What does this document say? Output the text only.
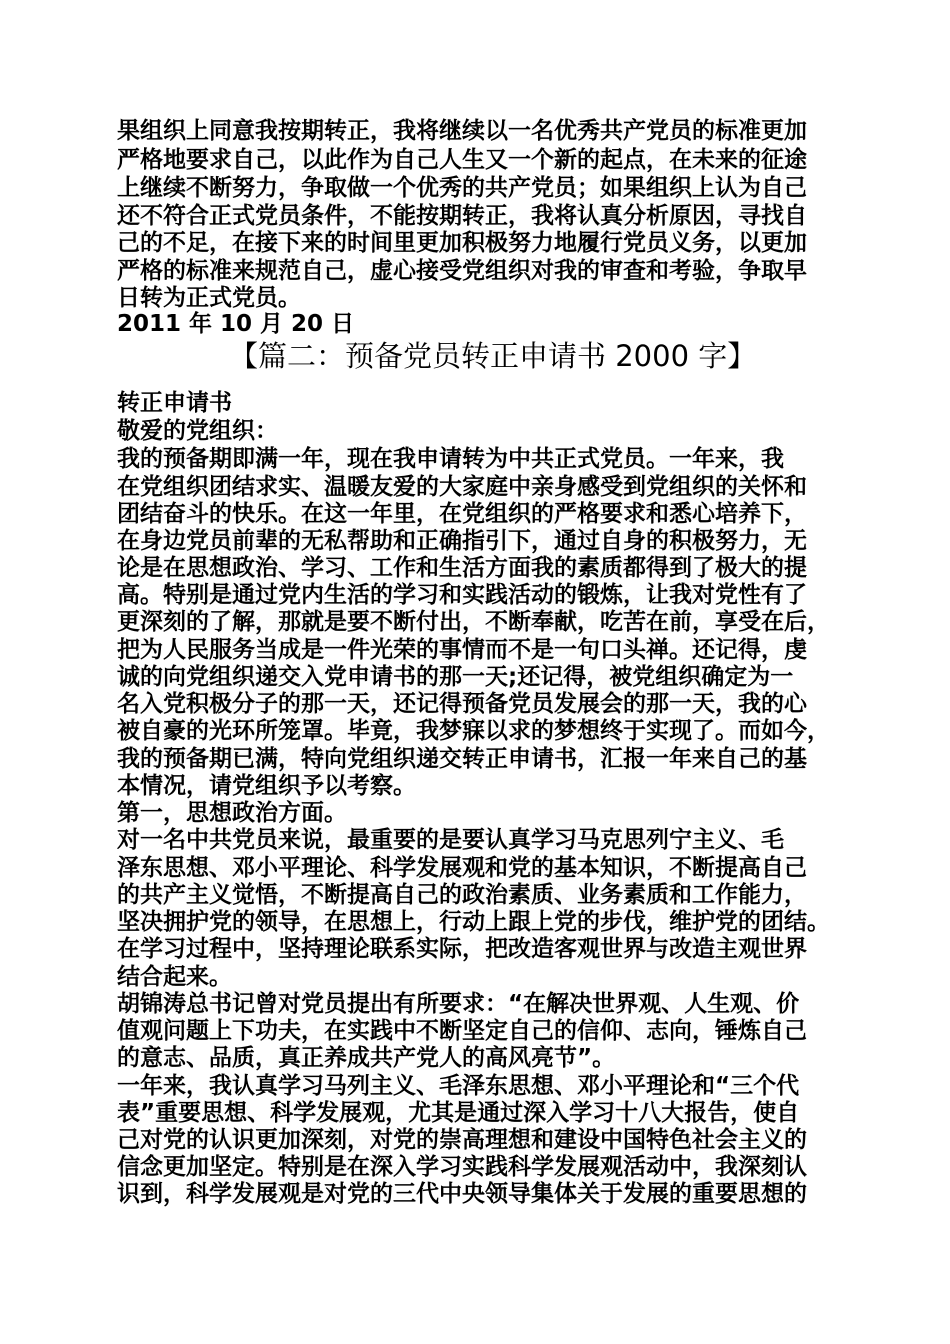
果组织上同意我按期转正，我将继续以一名优秀共产党员的标准更加
严格地要求自己，以此作为自己人生又一个新的起点，在未来的征途
上继续不断努力，争取做一个优秀的共产党员；如果组织上认为自己
还不符合正式党员条件，不能按期转正，我将认真分析原因，寻找自
己的不足，在接下来的时间里更加积极努力地履行党员义务，以更加
严格的标准来规范自己，虚心接受党组织对我的审查和考验，争取早
日转为正式党员。
2011 年 10 月 20 日
【篇二：预备党员转正申请书 2000 字】
转正申请书
敬爱的党组织：
我的预备期即满一年，现在我申请转为中共正式党员。一年来，我
在党组织团结求实、温暖友爱的大家庭中亲身感受到党组织的关怀和
团结奋斗的快乐。在这一年里，在党组织的严格要求和悉心培养下，
在身边党员前辈的无私帮助和正确指引下，通过自身的积极努力，无
论是在思想政治、学习、工作和生活方面我的素质都得到了极大的提
高。特别是通过党内生活的学习和实践活动的锻炼，让我对党性有了
更深刻的了解，那就是要不断付出，不断奉献，吃苦在前，享受在后，
把为人民服务当成是一件光荣的事情而不是一句口头禅。还记得，虔
诚的向党组织递交入党申请书的那一天;还记得，被党组织确定为一
名入党积极分子的那一天，还记得预备党员发展会的那一天，我的心
被自豪的光环所笼罩。毕竟，我梦寐以求的梦想终于实现了。而如今，
我的预备期已满，特向党组织递交转正申请书，汇报一年来自己的基
本情况，请党组织予以考察。
第一，思想政治方面。
对一名中共党员来说，最重要的是要认真学习马克思列宁主义、毛
泽东思想、邓小平理论、科学发展观和党的基本知识，不断提高自己
的共产主义觉悟，不断提高自己的政治素质、业务素质和工作能力，
坚决拥护党的领导，在思想上，行动上跟上党的步伐，维护党的团结。
在学习过程中，坚持理论联系实际，把改造客观世界与改造主观世界
结合起来。
胡锦涛总书记曾对党员提出有所要求：“在解决世界观、人生观、价
值观问题上下功夫，在实践中不断坚定自己的信仰、志向，锤炼自己
的意志、品质，真正养成共产党人的高风亮节”。
一年来，我认真学习马列主义、毛泽东思想、邓小平理论和“三个代
表”重要思想、科学发展观，尤其是通过深入学习十八大报告，使自
己对党的认识更加深刻，对党的崇高理想和建设中国特色社会主义的
信念更加坚定。特别是在深入学习实践科学发展观活动中，我深刻认
识到，科学发展观是对党的三代中央领导集体关于发展的重要思想的
